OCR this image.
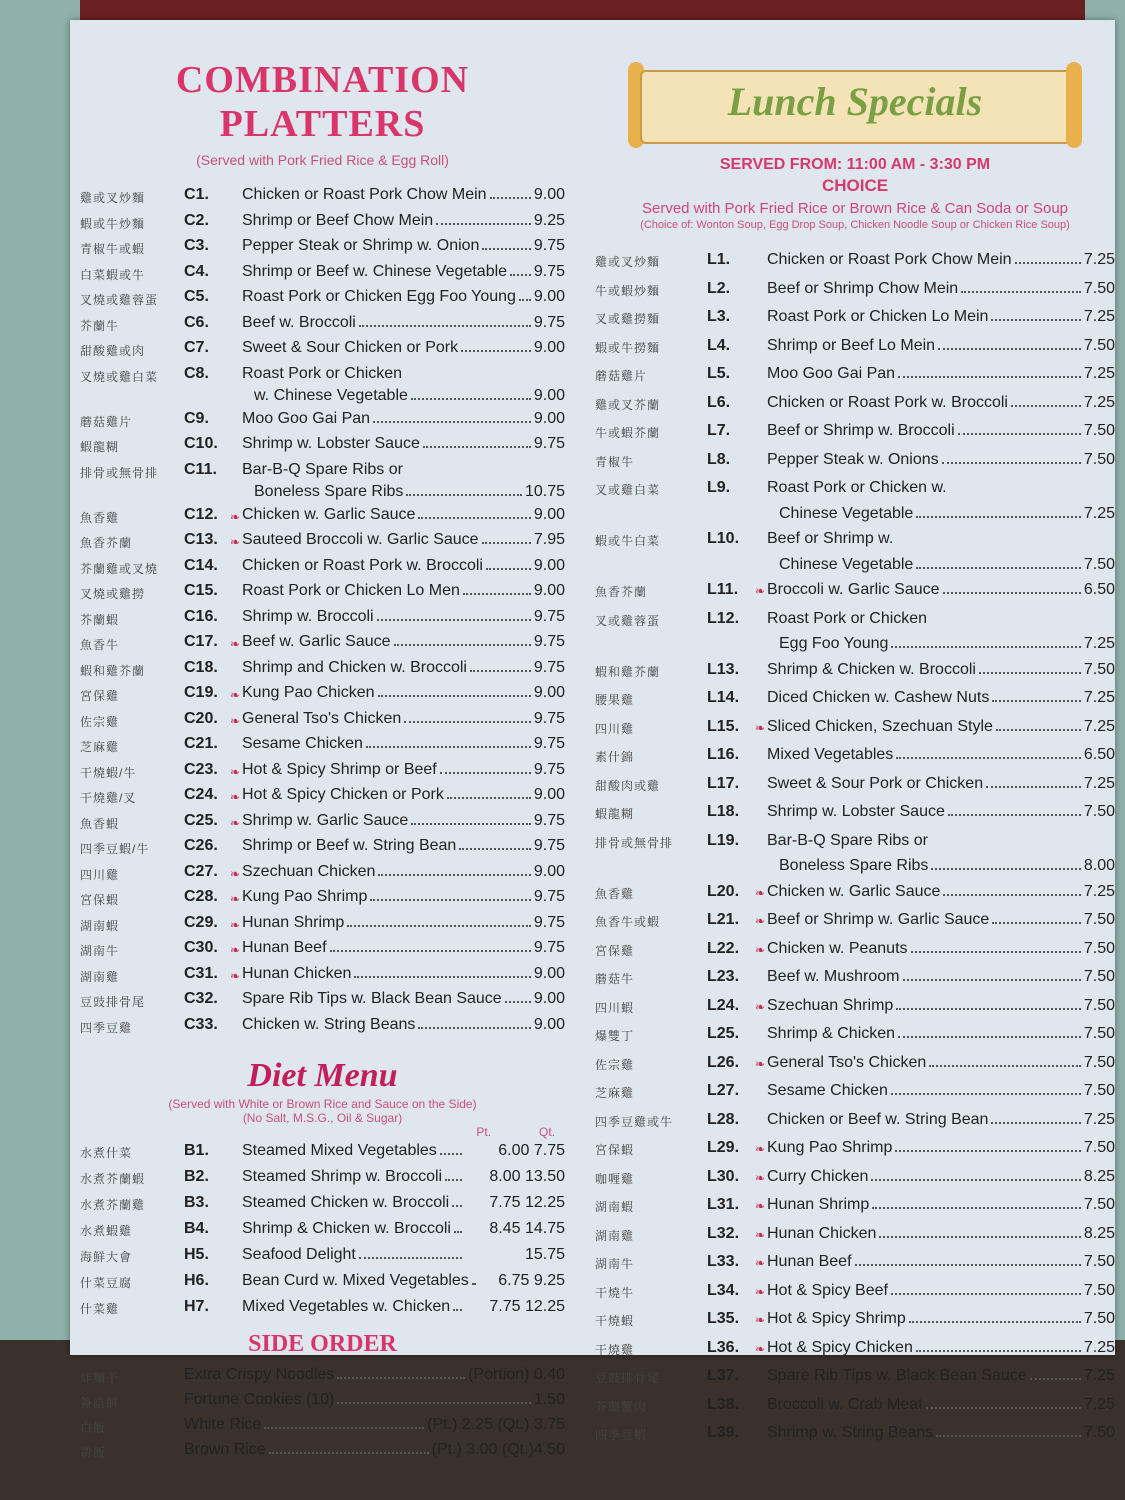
COMBINATION
PLATTERS
(Served with Pork Fried Rice & Egg Roll)
雞或叉炒麵	C1.	Chicken or Roast Pork Chow Mein	9.00
蝦或牛炒麵	C2.	Shrimp or Beef Chow Mein	9.25
青椒牛或蝦	C3.	Pepper Steak or Shrimp w. Onion	9.75
白菜蝦或牛	C4.	Shrimp or Beef w. Chinese Vegetable 9.75
叉燒或雞蓉蛋	C5.	Roast Pork or Chicken Egg Foo Young 9.00
芥蘭牛	C6.	Beef w. Broccoli	9.75
甜酸雞或肉	C7.	Sweet & Sour Chicken or Pork	9.00
叉燒或雞白菜	C8.	Roast Pork or Chicken
w. Chinese Vegetable	9.00
蘑菇雞片	C9.	Moo Goo Gai Pan	9.00
蝦龍糊	C10.	Shrimp w. Lobster Sauce	9.75
排骨或無骨排	C11.	Bar-B-Q Spare Ribs or
Boneless Spare Ribs	10.75
魚香雞	C12.	❧ Chicken w. Garlic Sauce	9.00
魚香芥蘭	C13.	❧ Sauteed Broccoli w. Garlic Sauce	7.95
芥蘭雞或叉燒	C14.	Chicken or Roast Pork w. Broccoli	9.00
叉燒或雞撈	C15.	Roast Pork or Chicken Lo Men	9.00
芥蘭蝦	C16.	Shrimp w. Broccoli	9.75
魚香牛	C17.	❧ Beef w. Garlic Sauce	9.75
蝦和雞芥蘭	C18.	Shrimp and Chicken w. Broccoli	9.75
宮保雞	C19.	❧ Kung Pao Chicken	9.00
佐宗雞	C20.	❧ General Tso's Chicken	9.75
芝麻雞	C21.	Sesame Chicken	9.75
干燒蝦/牛	C23.	❧ Hot & Spicy Shrimp or Beef	9.75
干燒雞/叉	C24.	❧ Hot & Spicy Chicken or Pork	9.00
魚香蝦	C25.	❧ Shrimp w. Garlic Sauce	9.75
四季豆蝦/牛	C26.	Shrimp or Beef w. String Bean	9.75
四川雞	C27.	❧ Szechuan Chicken	9.00
宮保蝦	C28.	❧ Kung Pao Shrimp	9.75
湖南蝦	C29.	❧ Hunan Shrimp	9.75
湖南牛	C30.	❧ Hunan Beef	9.75
湖南雞	C31.	❧ Hunan Chicken	9.00
豆豉排骨尾	C32.	Spare Rib Tips w. Black Bean Sauce 9.00
四季豆雞	C33.	Chicken w. String Beans	9.00
Diet Menu
(Served with White or Brown Rice and Sauce on the Side)
(No Salt, M.S.G., Oil & Sugar)
Pt.	Qt.
水煮什菜	B1.	Steamed Mixed Vegetables	6.00 7.75
水煮芥蘭蝦	B2.	Steamed Shrimp w. Broccoli	8.00 13.50
水煮芥蘭雞	B3.	Steamed Chicken w. Broccoli	7.75 12.25
水煮蝦雞	B4.	Shrimp & Chicken w. Broccoli	8.45 14.75
海鮮大會	H5.	Seafood Delight	15.75
什菜豆腐	H6.	Bean Curd w. Mixed Vegetables	6.75 9.25
什菜雞	H7.	Mixed Vegetables w. Chicken	7.75 12.25
SIDE ORDER
炸麵干	Extra Crispy Noodles	(Portion) 0.40
簽語餅	Fortune Cookies (10)	1.50
白飯	White Rice	(Pt.) 2.25 (Qt.) 3.75
黃飯	Brown Rice	(Pt.) 3.00 (Qt.)4.50
Lunch Specials
SERVED FROM: 11:00 AM - 3:30 PM
CHOICE
Served with Pork Fried Rice or Brown Rice & Can Soda or Soup
(Choice of: Wonton Soup, Egg Drop Soup, Chicken Noodle Soup or Chicken Rice Soup)
雞或叉炒麵	L1.	Chicken or Roast Pork Chow Mein	7.25
牛或蝦炒麵	L2.	Beef or Shrimp Chow Mein	7.50
叉或雞撈麵	L3.	Roast Pork or Chicken Lo Mein	7.25
蝦或牛撈麵	L4.	Shrimp or Beef Lo Mein	7.50
蘑菇雞片	L5.	Moo Goo Gai Pan	7.25
雞或叉芥蘭	L6.	Chicken or Roast Pork w. Broccoli	7.25
牛或蝦芥蘭	L7.	Beef or Shrimp w. Broccoli	7.50
青椒牛	L8.	Pepper Steak w. Onions	7.50
叉或雞白菜	L9.	Roast Pork or Chicken w.
Chinese Vegetable	7.25
蝦或牛白菜	L10.	Beef or Shrimp w.
Chinese Vegetable	7.50
魚香芥蘭	L11.	❧ Broccoli w. Garlic Sauce	6.50
叉或雞蓉蛋	L12.	Roast Pork or Chicken
Egg Foo Young	7.25
蝦和雞芥蘭	L13.	Shrimp & Chicken w. Broccoli	7.50
腰果雞	L14.	Diced Chicken w. Cashew Nuts	7.25
四川雞	L15.	❧ Sliced Chicken, Szechuan Style	7.25
素什錦	L16.	Mixed Vegetables	6.50
甜酸肉或雞	L17.	Sweet & Sour Pork or Chicken	7.25
蝦龍糊	L18.	Shrimp w. Lobster Sauce	7.50
排骨或無骨排	L19.	Bar-B-Q Spare Ribs or
Boneless Spare Ribs	8.00
魚香雞	L20.	❧ Chicken w. Garlic Sauce	7.25
魚香牛或蝦	L21.	❧ Beef or Shrimp w. Garlic Sauce	7.50
宮保雞	L22.	❧ Chicken w. Peanuts	7.50
蘑菇牛	L23.	Beef w. Mushroom	7.50
四川蝦	L24.	❧ Szechuan Shrimp	7.50
爆雙丁	L25.	Shrimp & Chicken	7.50
佐宗雞	L26.	❧ General Tso's Chicken	7.50
芝麻雞	L27.	Sesame Chicken	7.50
四季豆雞或牛	L28.	Chicken or Beef w. String Bean	7.25
宮保蝦	L29.	❧ Kung Pao Shrimp	7.50
咖喱雞	L30.	❧ Curry Chicken	8.25
湖南蝦	L31.	❧ Hunan Shrimp	7.50
湖南雞	L32.	❧ Hunan Chicken	8.25
湖南牛	L33.	❧ Hunan Beef	7.50
干燒牛	L34.	❧ Hot & Spicy Beef	7.50
干燒蝦	L35.	❧ Hot & Spicy Shrimp	7.50
干燒雞	L36.	❧ Hot & Spicy Chicken	7.25
豆豉排骨尾	L37.	Spare Rib Tips w. Black Bean Sauce	7.25
芥蘭蟹肉	L38.	Broccoli w. Crab Meat	7.25
四季豆蝦	L39.	Shrimp w. String Beans	7.50
